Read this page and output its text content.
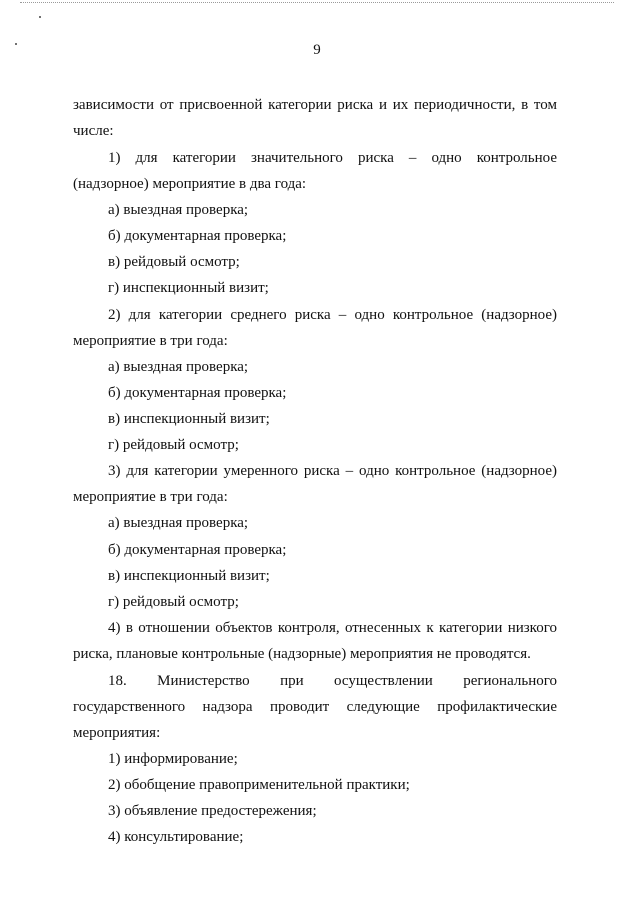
9
зависимости от присвоенной категории риска и их периодичности, в том
числе:
1) для категории значительного риска – одно контрольное
(надзорное) мероприятие в два года:
а) выездная проверка;
б) документарная проверка;
в) рейдовый осмотр;
г) инспекционный визит;
2) для категории среднего риска – одно контрольное (надзорное)
мероприятие в три года:
а) выездная проверка;
б) документарная проверка;
в) инспекционный визит;
г) рейдовый осмотр;
3) для категории умеренного риска – одно контрольное (надзорное)
мероприятие в три года:
а) выездная проверка;
б) документарная проверка;
в) инспекционный визит;
г) рейдовый осмотр;
4) в отношении объектов контроля, отнесенных к категории низкого
риска, плановые контрольные (надзорные) мероприятия не проводятся.
18. Министерство при осуществлении регионального
государственного надзора проводит следующие профилактические
мероприятия:
1) информирование;
2) обобщение правоприменительной практики;
3) объявление предостережения;
4) консультирование;
